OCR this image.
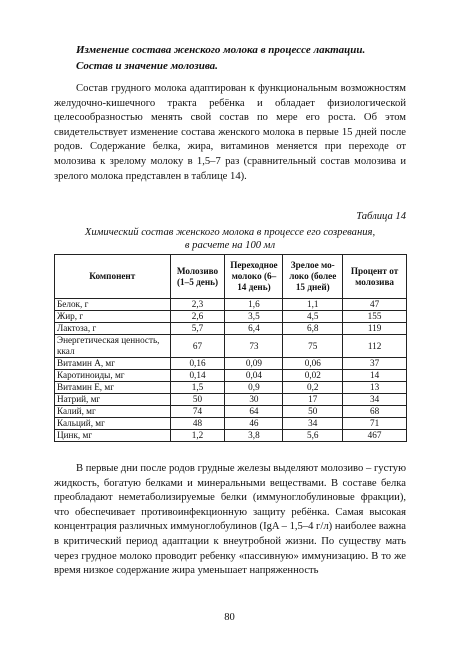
Изменение состава женского молока в процессе лактации.
Состав и значение молозива.

Состав грудного молока адаптирован к функциональным возможностям желудочно-кишечного тракта ребёнка и обладает физиологической целесообразностью менять свой состав по мере его роста. Об этом свидетельствует изменение состава женского молока в первые 15 дней после родов. Содержание белка, жира, витаминов меняется при переходе от молозива к зрелому молоку в 1,5–7 раз (сравнительный состав молозива и зрелого молока представлен в таблице 14).

Таблица 14
Химический состав женского молока в процессе его созревания,
в расчете на 100 мл
Компонент	Молозиво (1–5 день)	Переходное молоко (6–14 день)	Зрелое мо-локо (более 15 дней)	Процент от молозива
Белок, г	2,3	1,6	1,1	47
Жир, г	2,6	3,5	4,5	155
Лактоза, г	5,7	6,4	6,8	119
Энергетическая ценность, ккал	67	73	75	112
Витамин А, мг	0,16	0,09	0,06	37
Каротиноиды, мг	0,14	0,04	0,02	14
Витамин Е, мг	1,5	0,9	0,2	13
Натрий, мг	50	30	17	34
Калий, мг	74	64	50	68
Кальций, мг	48	46	34	71
Цинк, мг	1,2	3,8	5,6	467

В первые дни после родов грудные железы выделяют молозиво – густую жидкость, богатую белками и минеральными веществами. В составе белка преобладают неметаболизируемые белки (иммуноглобулиновые фракции), что обеспечивает противоинфекционную защиту ребёнка. Самая высокая концентрация различных иммуноглобулинов (IgA – 1,5–4 г/л) наиболее важна в критический период адаптации к внеутробной жизни. По существу мать через грудное молоко проводит ребенку «пассивную» иммунизацию. В то же время низкое содержание жира уменьшает напряженность

80
